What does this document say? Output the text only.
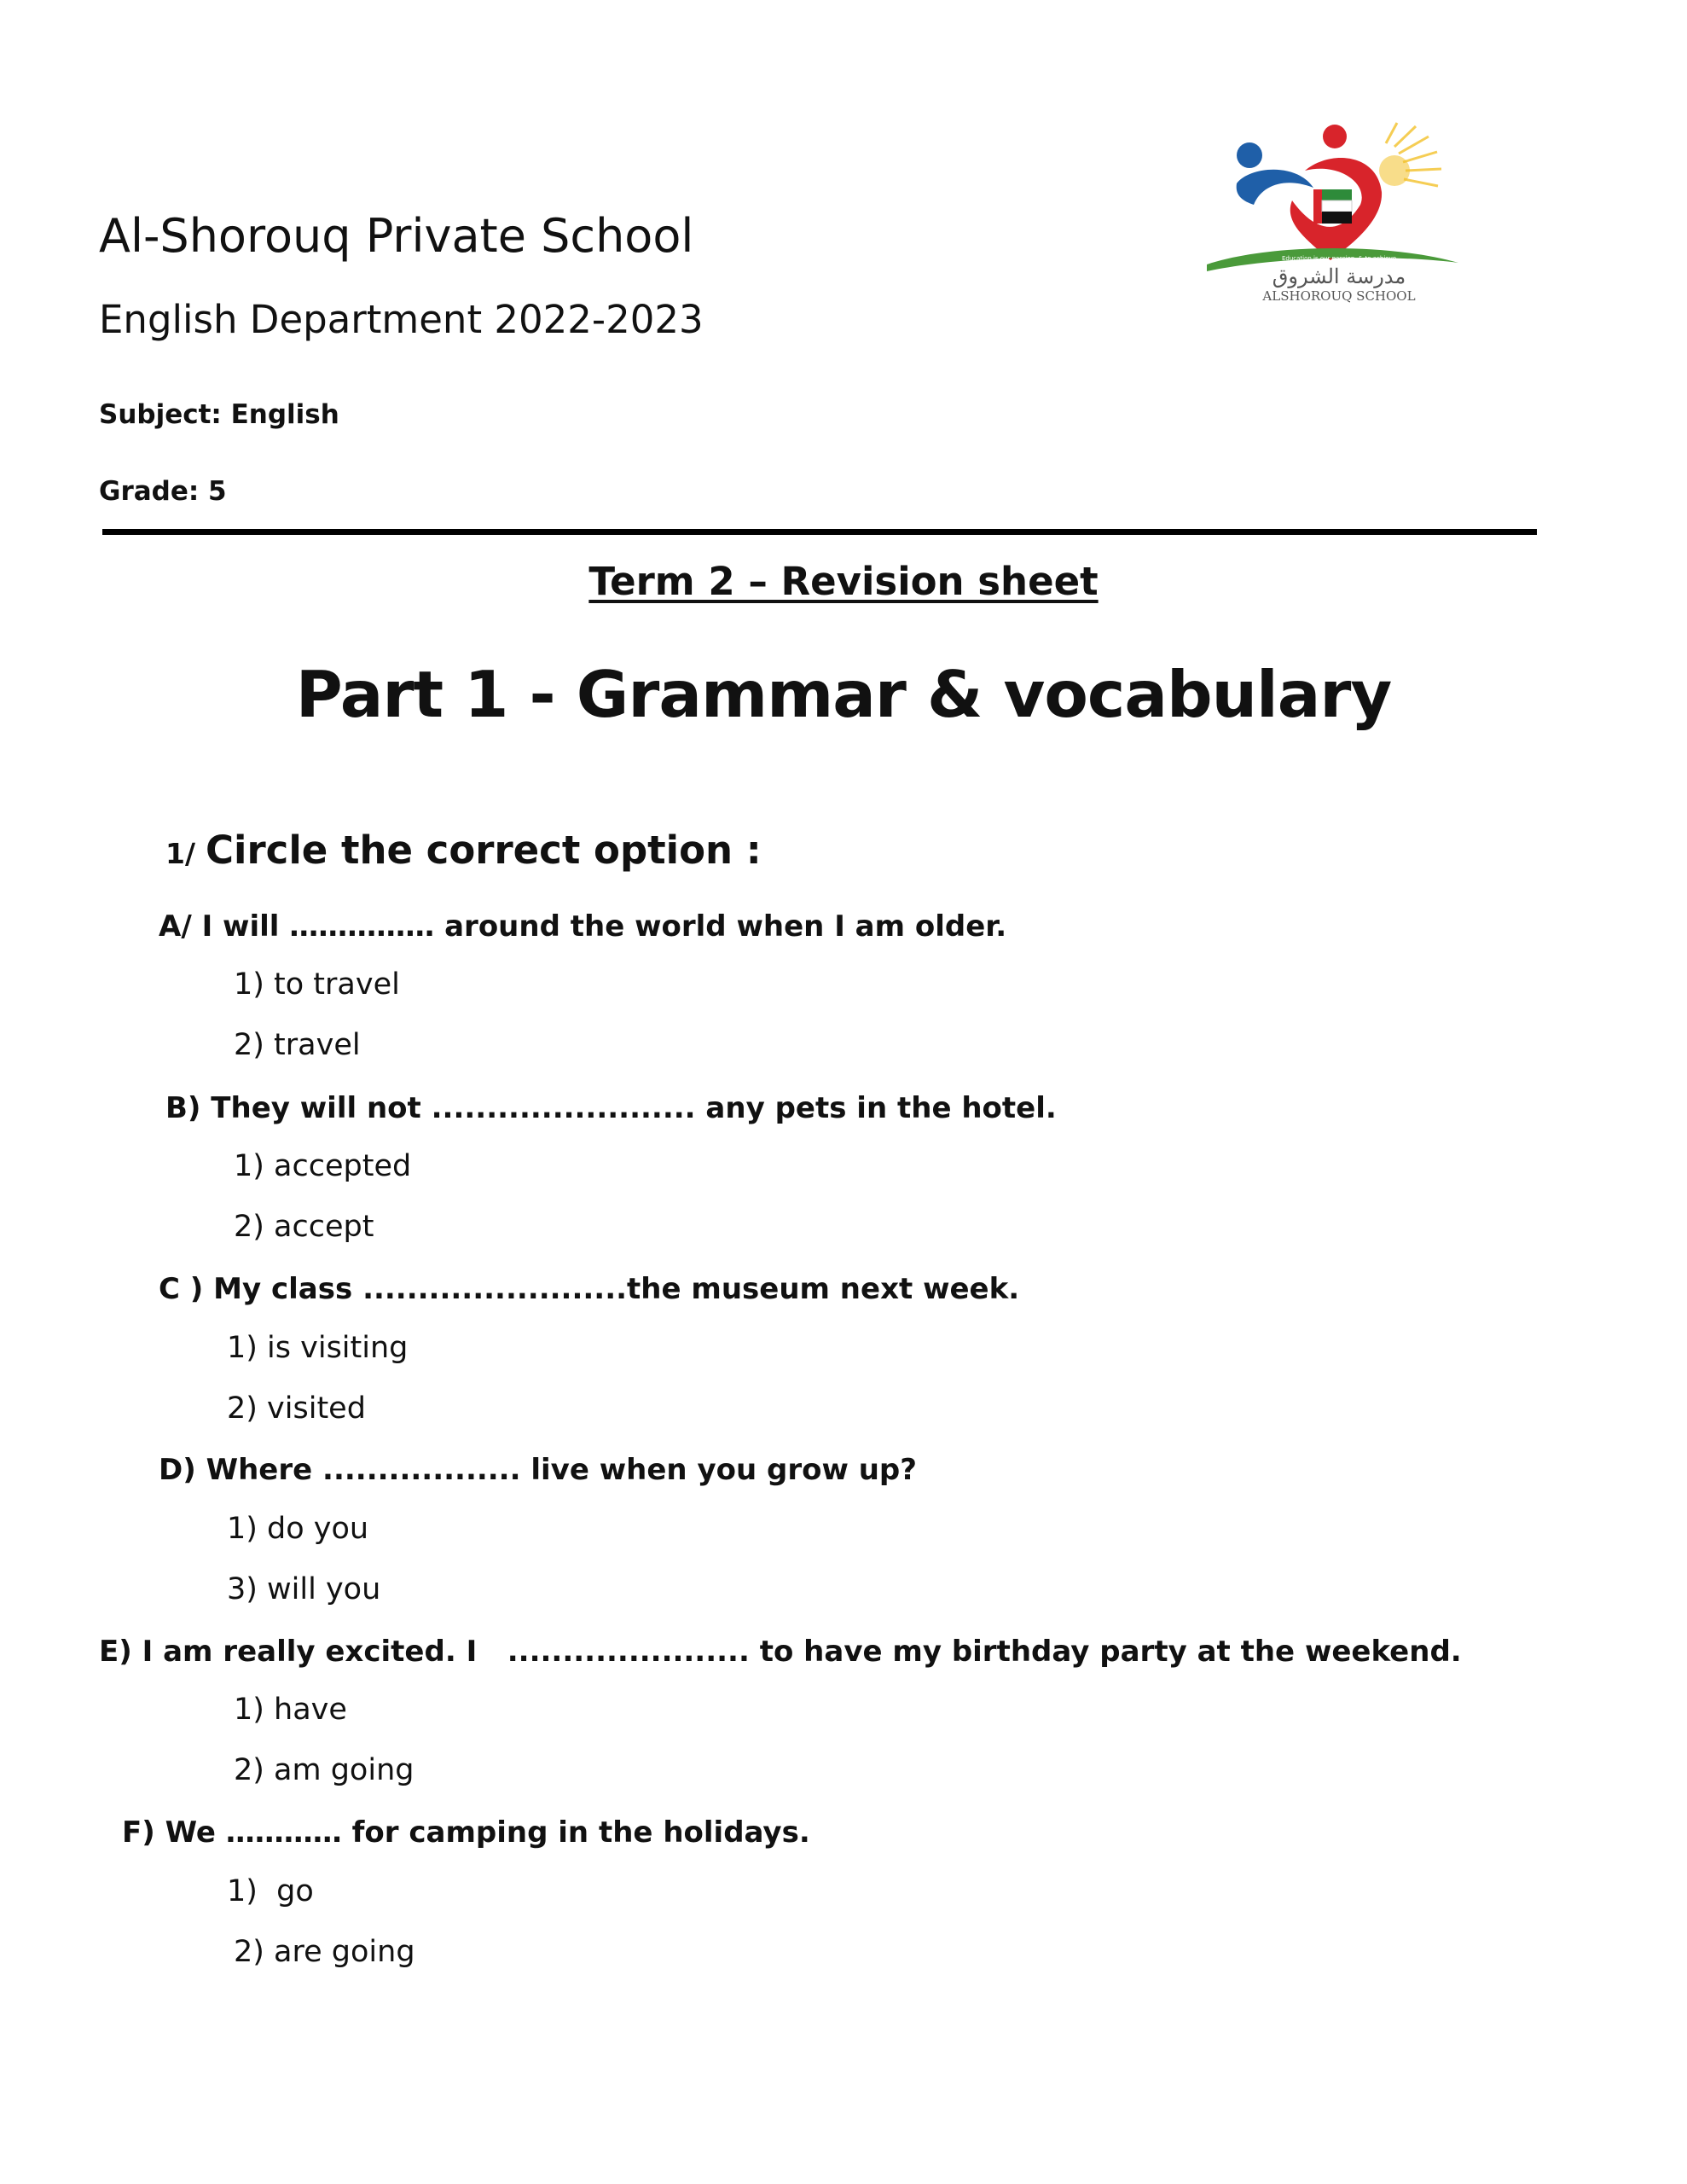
Al-Shorouq Private School
English Department 2022-2023
Subject: English
Grade: 5
Education is our passion, & to achieve
مدرسة الشروق
ALSHOROUQ SCHOOL
Term 2 – Revision sheet
Part 1 - Grammar & vocabulary
1/ Circle the correct option :
A/ I will …………… around the world when I am older.
1) to travel
2) travel
B) They will not ........................ any pets in the hotel.
1) accepted
2) accept
C ) My class ........................the museum next week.
1) is visiting
2) visited
D) Where .................. live when you grow up?
1) do you
3) will you
E) I am really excited. I   ...................... to have my birthday party at the weekend.
1) have
2) am going
F) We ………… for camping in the holidays.
1)  go
2) are going
